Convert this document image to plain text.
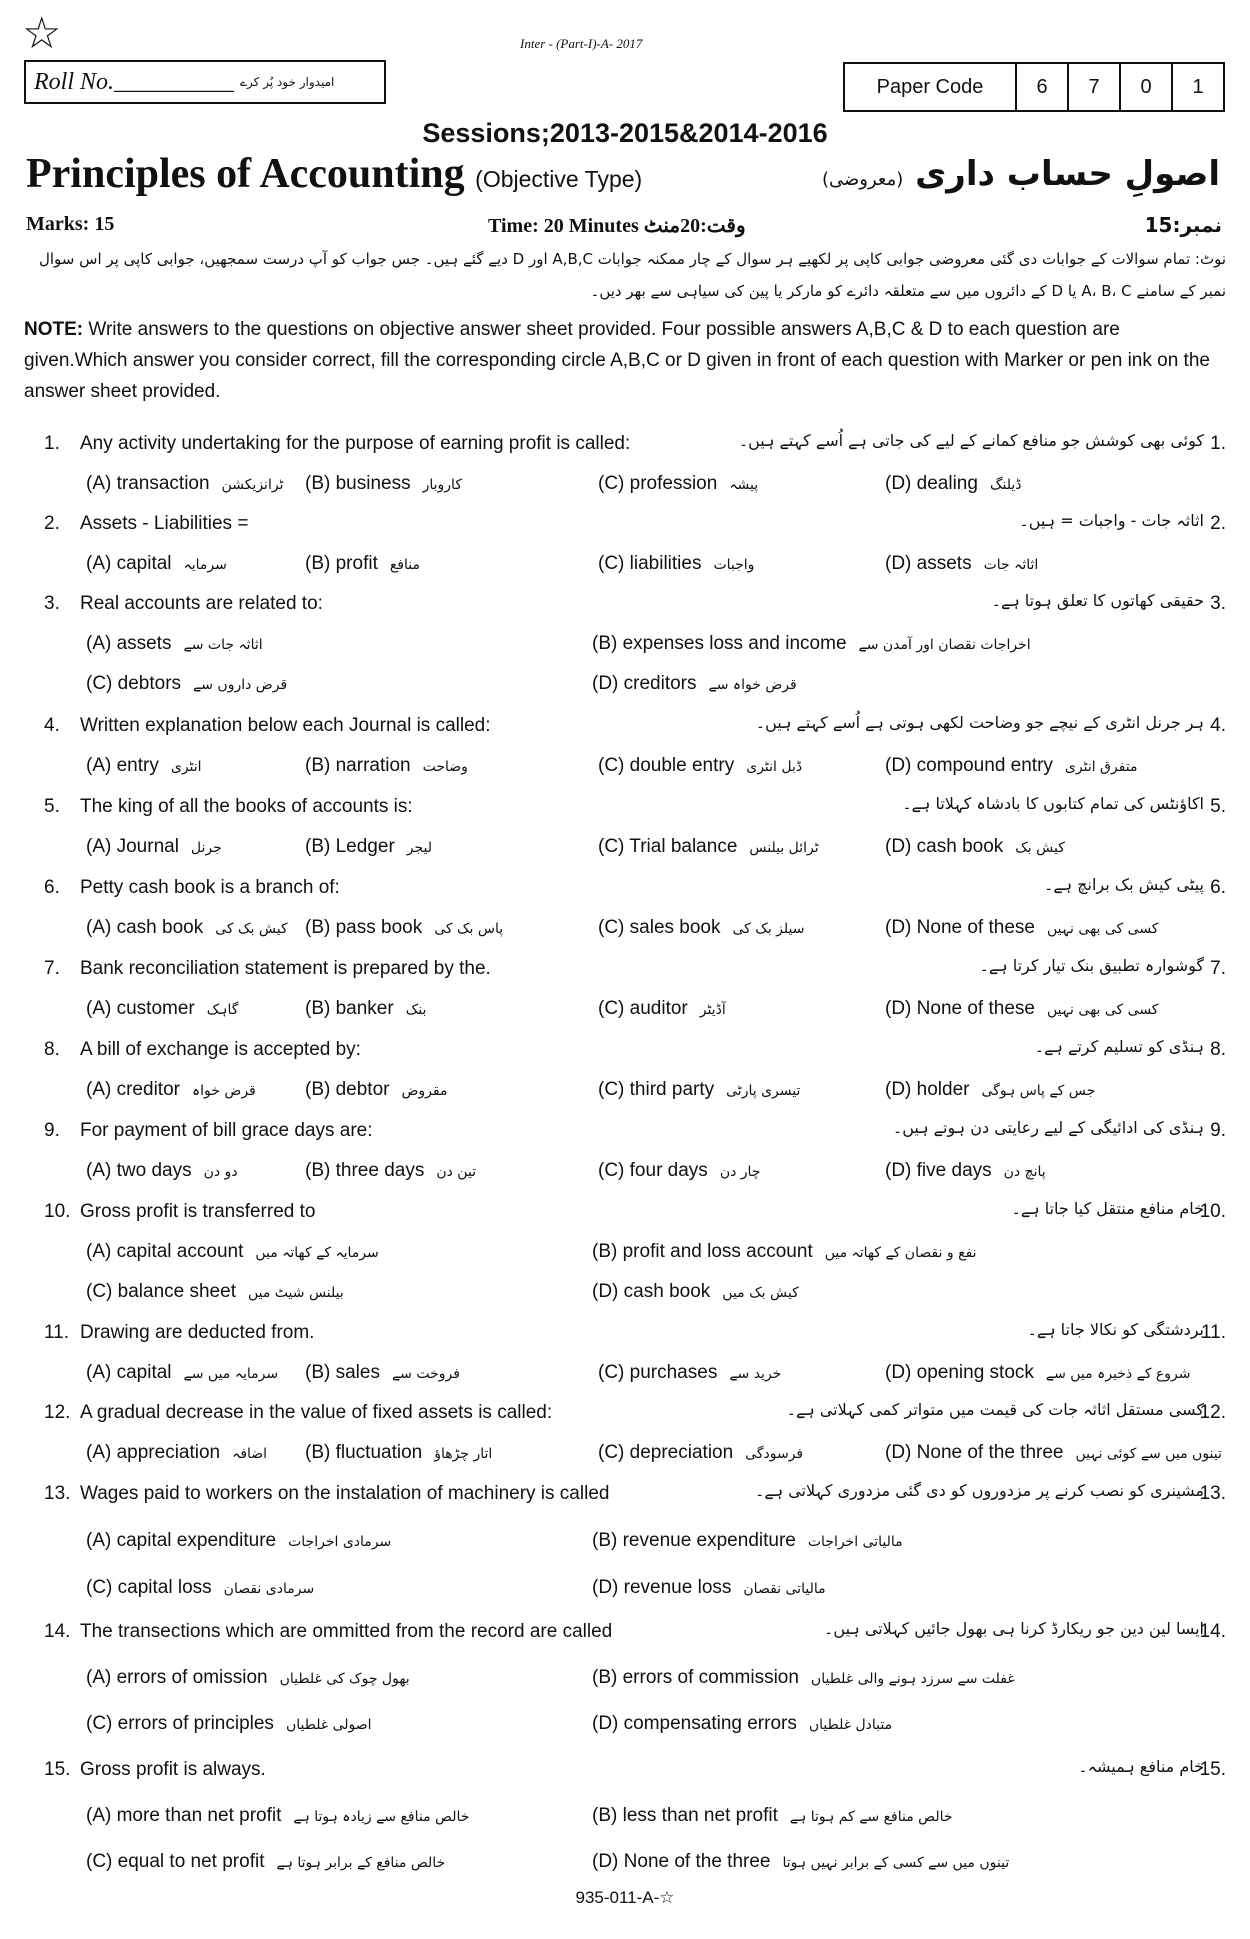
☆	Inter - (Part-I)-A- 2017
Roll No.__________ امیدوار خود پُر کرے	Paper Code	6	7	0	1
Sessions;2013-2015&2014-2016
Principles of Accounting (Objective Type)	اصولِ حساب داری (معروضی)
Marks: 15	Time: 20 Minutes وقت:20منٹ	نمبر:15
نوٹ: تمام سوالات کے جوابات دی گئی معروضی جوابی کاپی پر لکھیے ہر سوال کے چار ممکنہ جوابات A,B,C اور D دیے گئے ہیں۔ جس جواب کو آپ درست سمجھیں، جوابی کاپی پر اس سوال نمبر کے سامنے A، B، C یا D کے دائروں میں سے متعلقہ دائرے کو مارکر یا پین کی سیاہی سے بھر دیں۔
NOTE: Write answers to the questions on objective answer sheet provided. Four possible answers A,B,C & D to each question are given.Which answer you consider correct, fill the corresponding circle A,B,C or D given in front of each question with Marker or pen ink on the answer sheet provided.
1. Any activity undertaking for the purpose of earning profit is called:	کوئی بھی کوشش جو منافع کمانے کے لیے کی جاتی ہے اُسے کہتے ہیں۔ 1.
(A) transaction ٹرانزیکشن (B) business کاروبار	(C) profession پیشہ	(D) dealing ڈیلنگ
2. Assets - Liabilities =	اثاثہ جات - واجبات = ہیں۔ 2.
(A) capital سرمایہ	(B) profit منافع	(C) liabilities واجبات	(D) assets اثاثہ جات
3. Real accounts are related to:	حقیقی کھاتوں کا تعلق ہوتا ہے۔ 3.
(A) assets اثاثہ جات سے	(B) expenses loss and income اخراجات نقصان اور آمدن سے
(C) debtors قرض داروں سے	(D) creditors قرض خواہ سے
4. Written explanation below each Journal is called:	ہر جرنل انٹری کے نیچے جو وضاحت لکھی ہوتی ہے اُسے کہتے ہیں۔ 4.
(A) entry انٹری	(B) narration وضاحت	(C) double entry ڈبل انٹری	(D) compound entry متفرق انٹری
5. The king of all the books of accounts is:	اکاؤنٹس کی تمام کتابوں کا بادشاہ کہلاتا ہے۔ 5.
(A) Journal جرنل	(B) Ledger لیجر	(C) Trial balance ٹرائل بیلنس	(D) cash book کیش بک
6. Petty cash book is a branch of:	پیٹی کیش بک برانچ ہے۔ 6.
(A) cash book کیش بک کی (B) pass book پاس بک کی	(C) sales book سیلز بک کی	(D) None of these کسی کی بھی نہیں
7. Bank reconciliation statement is prepared by the.	گوشوارہ تطبیق بنک تیار کرتا ہے۔ 7.
(A) customer گاہک	(B) banker بنک	(C) auditor آڈیٹر	(D) None of these کسی کی بھی نہیں
8. A bill of exchange is accepted by:	ہنڈی کو تسلیم کرتے ہے۔ 8.
(A) creditor قرض خواہ	(B) debtor مقروض	(C) third party تیسری پارٹی	(D) holder جس کے پاس ہوگی
9. For payment of bill grace days are:	ہنڈی کی ادائیگی کے لیے رعایتی دن ہوتے ہیں۔ 9.
(A) two days دو دن	(B) three days تین دن	(C) four days چار دن	(D) five days پانچ دن
10. Gross profit is transferred to	خام منافع منتقل کیا جاتا ہے۔
10.
(A) capital account سرمایہ کے کھاتہ میں	(B) profit and loss account نفع و نقصان کے کھاتہ میں
(C) balance sheet بیلنس شیٹ میں	(D) cash book کیش بک میں
11. Drawing are deducted from.	بردشتگی کو نکالا جاتا ہے۔
11.
(A) capital سرمایہ میں سے (B) sales فروخت سے	(C) purchases خرید سے	(D) opening stock شروع کے ذخیرہ میں سے
12. A gradual decrease in the value of fixed assets is called:	کسی مستقل اثاثہ جات کی قیمت میں متواتر کمی کہلاتی ہے۔
12.
(A) appreciation اضافہ (B) fluctuation اتار چڑھاؤ	(C) depreciation فرسودگی	(D) None of the three تینوں میں سے کوئی نہیں
13. Wages paid to workers on the instalation of machinery is called	مشینری کو نصب کرنے پر مزدوروں کو دی گئی مزدوری کہلاتی ہے۔
13.
(A) capital expenditure سرمادی اخراجات	(B) revenue expenditure مالیاتی اخراجات
(C) capital loss سرمادی نقصان	(D) revenue loss مالیاتی نقصان
14. The transections which are ommitted from the record are called	ایسا لین دین جو ریکارڈ کرنا ہی بھول جائیں کہلاتی ہیں۔
14.
(A) errors of omission بھول چوک کی غلطیاں	(B) errors of commission غفلت سے سرزد ہونے والی غلطیاں
(C) errors of principles اصولی غلطیاں	(D) compensating errors متبادل غلطیاں
15. Gross profit is always.	خام منافع ہمیشہ۔
15.
(A) more than net profit خالص منافع سے زیادہ ہوتا ہے	(B) less than net profit خالص منافع سے کم ہوتا ہے
(C) equal to net profit خالص منافع کے برابر ہوتا ہے	(D) None of the three تینوں میں سے کسی کے برابر نہیں ہوتا
935-011-A-☆
